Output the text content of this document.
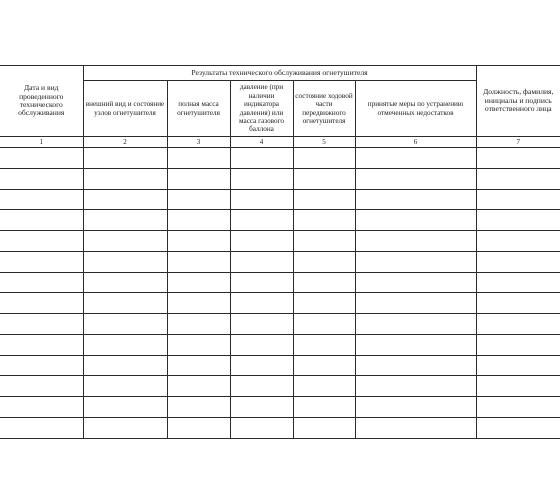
Дата и вид проведенного технического обслуживания	Результаты технического обслуживания огнетушителя					Должность, фамилия, инициалы и подпись ответственного лица
	внешний вид и состояние узлов огнетушителя	полная масса огнетушителя	давление (при наличии индикатора давления) или масса газового баллона	состояние ходовой части передвижного огнетушителя	принятые меры по устранению отмеченных недостатков	
1	2	3	4	5	6	7
